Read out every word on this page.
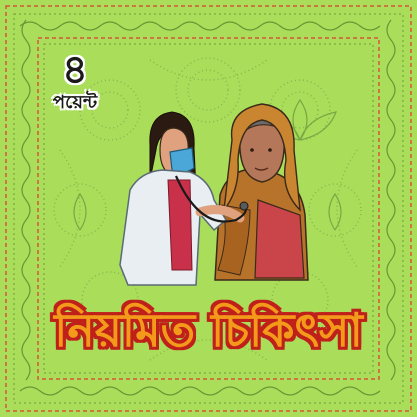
৪
পয়েন্ট
নিয়মিত চিকিৎসা
